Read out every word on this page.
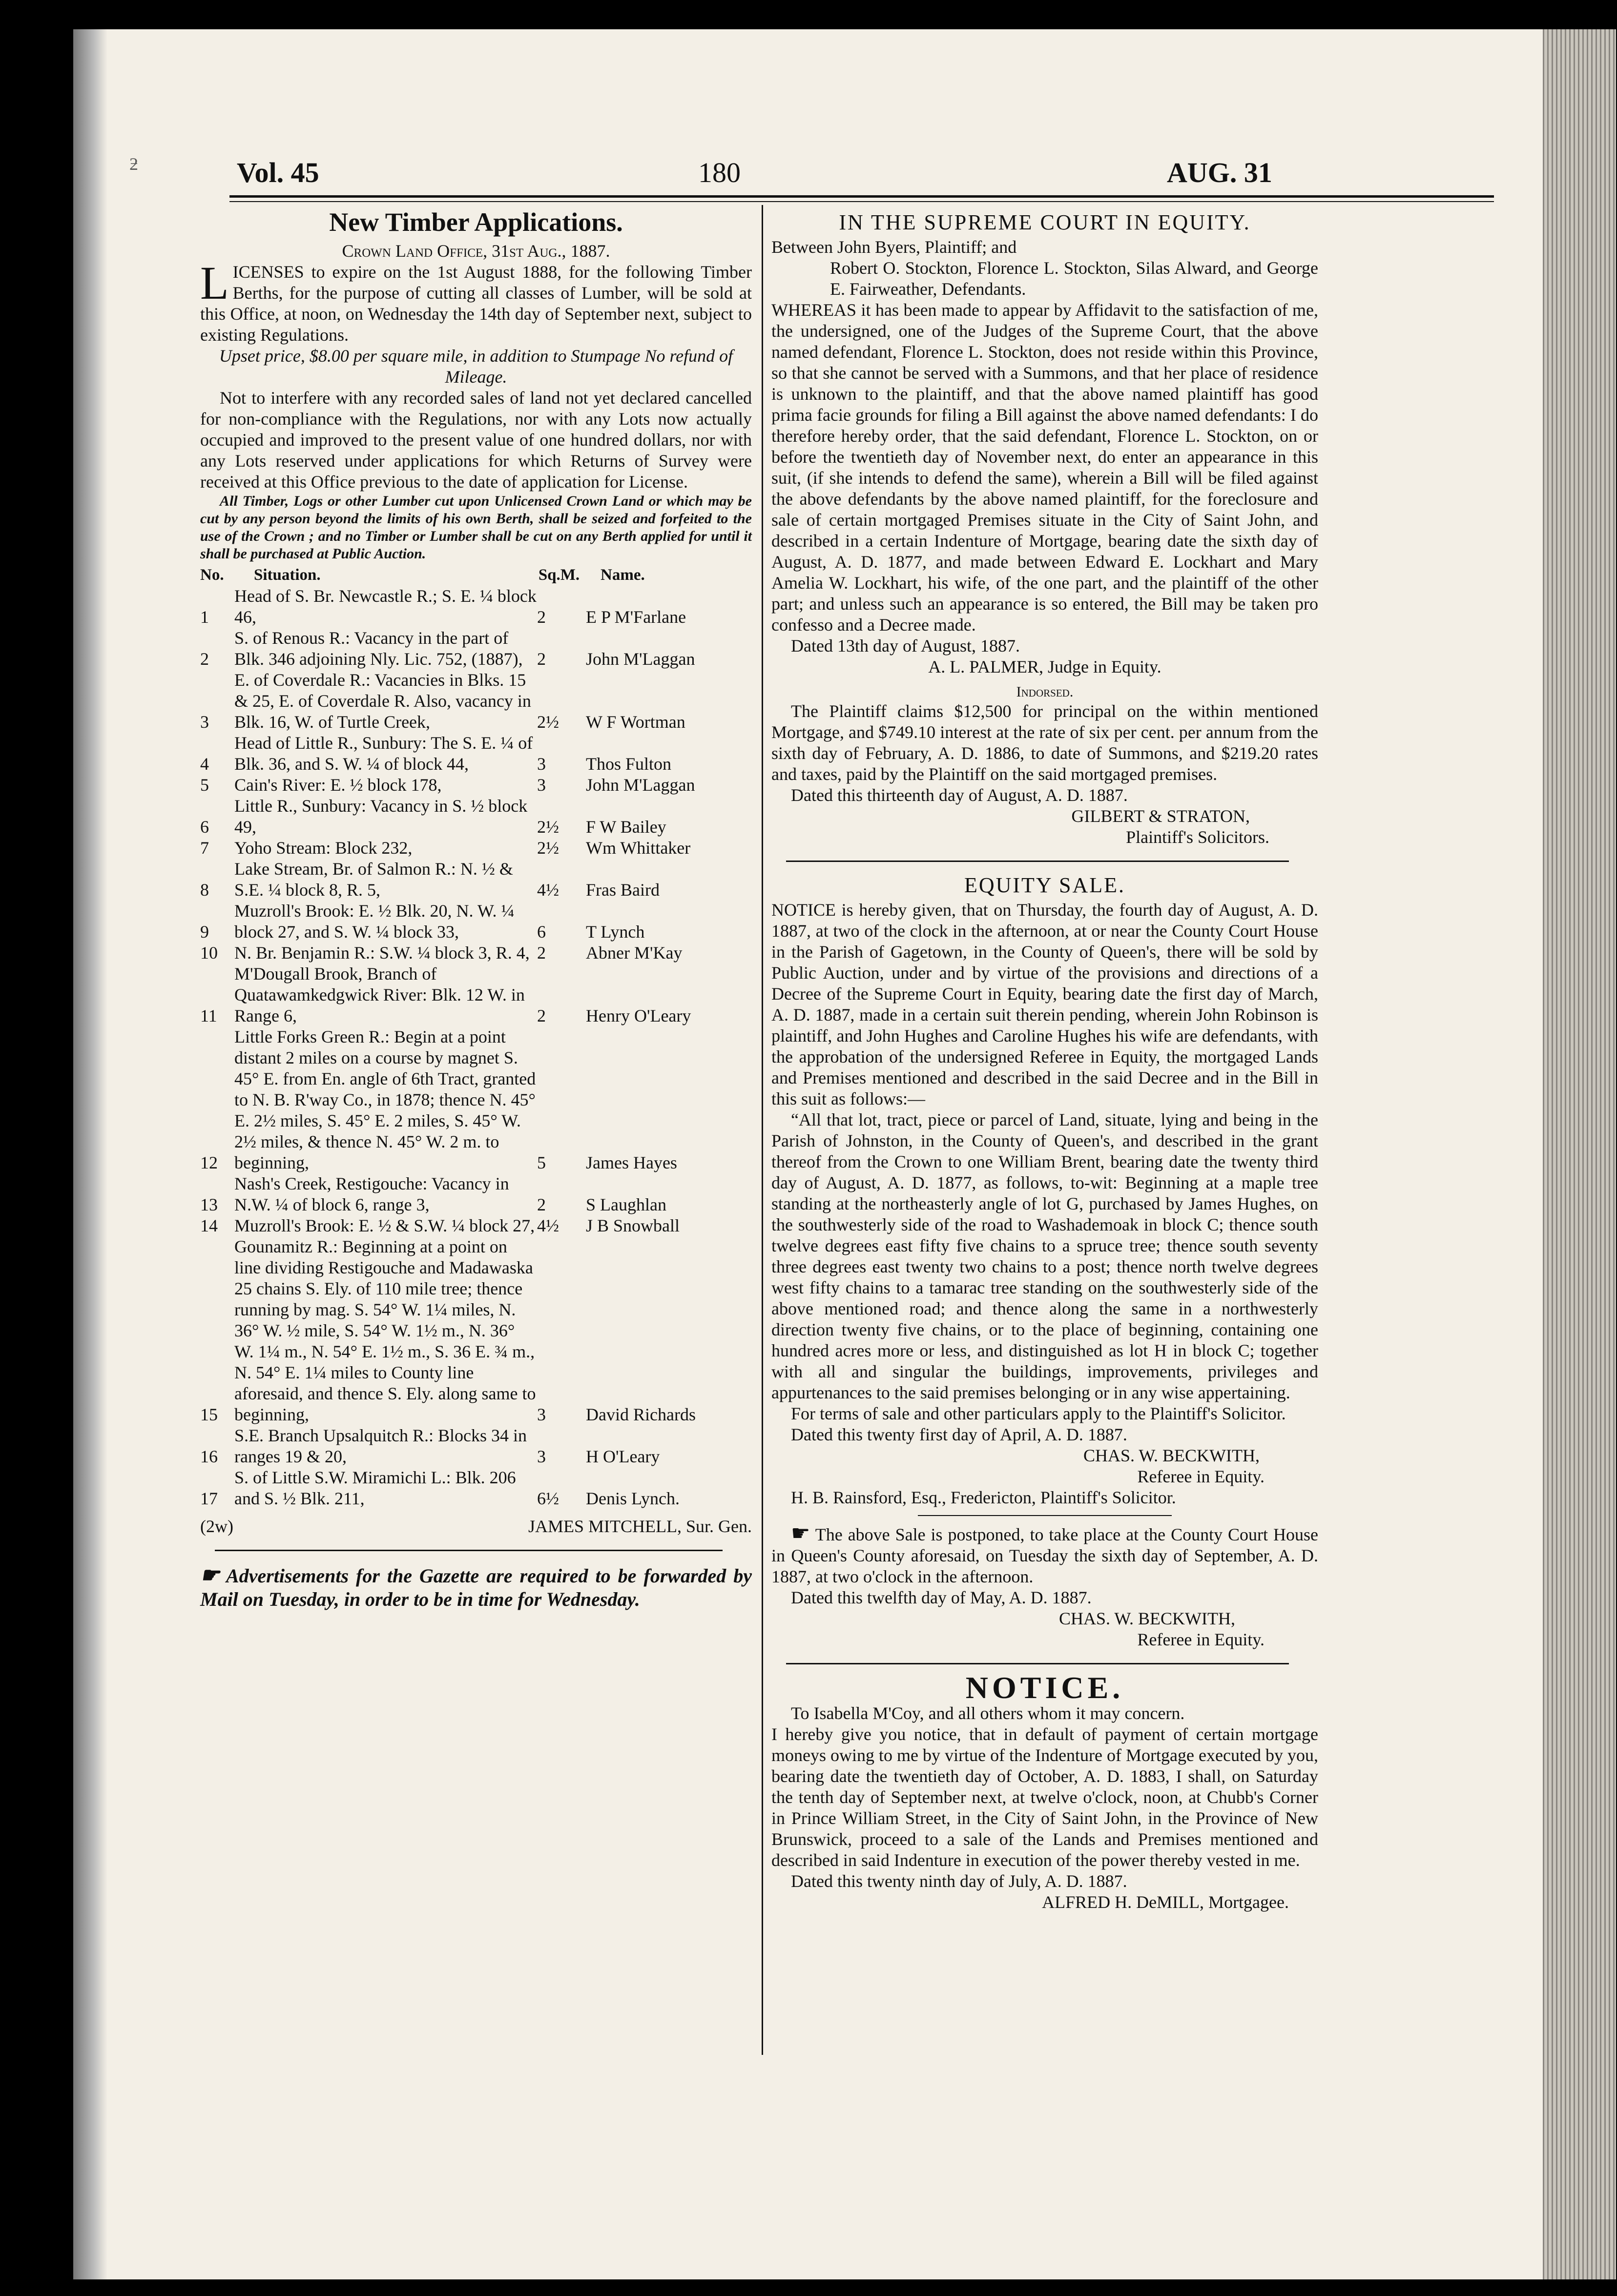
ƻ	Vol. 45	180	AUG. 31
New Timber Applications.

Crown Land Office, 31st Aug., 1887.

LICENSES to expire on the 1st August 1888, for the following Timber Berths, for the purpose of cutting all classes of Lumber, will be sold at this Office, at noon, on Wednesday the 14th day of September next, subject to existing Regulations.

Upset price, $8.00 per square mile, in addition to Stumpage No refund of Mileage.

Not to interfere with any recorded sales of land not yet declared cancelled for non-compliance with the Regulations, nor with any Lots now actually occupied and improved to the present value of one hundred dollars, nor with any Lots reserved under applications for which Returns of Survey were received at this Office previous to the date of application for License.

All Timber, Logs or other Lumber cut upon Unlicensed Crown Land or which may be cut by any person beyond the limits of his own Berth, shall be seized and forfeited to the use of the Crown ; and no Timber or Lumber shall be cut on any Berth applied for until it shall be purchased at Public Auction.

No.	Situation.	Sq.M.	Name.
1	Head of S. Br. Newcastle R.; S. E. ¼ block 46,	2	E P M'Farlane
2	S. of Renous R.: Vacancy in the part of Blk. 346 adjoining Nly. Lic. 752, (1887),	2	John M'Laggan
3	E. of Coverdale R.: Vacancies in Blks. 15 & 25, E. of Coverdale R. Also, vacancy in Blk. 16, W. of Turtle Creek,	2½	W F Wortman
4	Head of Little R., Sunbury: The S. E. ¼ of Blk. 36, and S. W. ¼ of block 44,	3	Thos Fulton
5	Cain's River: E. ½ block 178,	3	John M'Laggan
6	Little R., Sunbury: Vacancy in S. ½ block 49,	2½	F W Bailey
7	Yoho Stream: Block 232,	2½	Wm Whittaker
8	Lake Stream, Br. of Salmon R.: N. ½ & S.E. ¼ block 8, R. 5,	4½	Fras Baird
9	Muzroll's Brook: E. ½ Blk. 20, N. W. ¼ block 27, and S. W. ¼ block 33,	6	T Lynch
10	N. Br. Benjamin R.: S.W. ¼ block 3, R. 4,	2	Abner M'Kay
11	M'Dougall Brook, Branch of Quatawamkedgwick River: Blk. 12 W. in Range 6,	2	Henry O'Leary
12	Little Forks Green R.: Begin at a point distant 2 miles on a course by magnet S. 45° E. from En. angle of 6th Tract, granted to N. B. R'way Co., in 1878; thence N. 45° E. 2½ miles, S. 45° E. 2 miles, S. 45° W. 2½ miles, & thence N. 45° W. 2 m. to beginning,	5	James Hayes
13	Nash's Creek, Restigouche: Vacancy in N.W. ¼ of block 6, range 3,	2	S Laughlan
14	Muzroll's Brook: E. ½ & S.W. ¼ block 27,	4½	J B Snowball
15	Gounamitz R.: Beginning at a point on line dividing Restigouche and Madawaska 25 chains S. Ely. of 110 mile tree; thence running by mag. S. 54° W. 1¼ miles, N. 36° W. ½ mile, S. 54° W. 1½ m., N. 36° W. 1¼ m., N. 54° E. 1½ m., S. 36 E. ¾ m., N. 54° E. 1¼ miles to County line aforesaid, and thence S. Ely. along same to beginning,	3	David Richards
16	S.E. Branch Upsalquitch R.: Blocks 34 in ranges 19 & 20,	3	H O'Leary
17	S. of Little S.W. Miramichi L.: Blk. 206 and S. ½ Blk. 211,	6½	Denis Lynch.
(2w)	JAMES MITCHELL, Sur. Gen.

☛ Advertisements for the Gazette are required to be forwarded by Mail on Tuesday, in order to be in time for Wednesday.

IN THE SUPREME COURT IN EQUITY.

Between John Byers, Plaintiff; and

Robert O. Stockton, Florence L. Stockton, Silas Alward, and George E. Fairweather, Defendants.

WHEREAS it has been made to appear by Affidavit to the satisfaction of me, the undersigned, one of the Judges of the Supreme Court, that the above named defendant, Florence L. Stockton, does not reside within this Province, so that she cannot be served with a Summons, and that her place of residence is unknown to the plaintiff, and that the above named plaintiff has good prima facie grounds for filing a Bill against the above named defendants: I do therefore hereby order, that the said defendant, Florence L. Stockton, on or before the twentieth day of November next, do enter an appearance in this suit, (if she intends to defend the same), wherein a Bill will be filed against the above defendants by the above named plaintiff, for the foreclosure and sale of certain mortgaged Premises situate in the City of Saint John, and described in a certain Indenture of Mortgage, bearing date the sixth day of August, A. D. 1877, and made between Edward E. Lockhart and Mary Amelia W. Lockhart, his wife, of the one part, and the plaintiff of the other part; and unless such an appearance is so entered, the Bill may be taken pro confesso and a Decree made.

Dated 13th day of August, 1887.

A. L. PALMER, Judge in Equity.

Indorsed.

The Plaintiff claims $12,500 for principal on the within mentioned Mortgage, and $749.10 interest at the rate of six per cent. per annum from the sixth day of February, A. D. 1886, to date of Summons, and $219.20 rates and taxes, paid by the Plaintiff on the said mortgaged premises.

Dated this thirteenth day of August, A. D. 1887.

GILBERT & STRATON,

Plaintiff's Solicitors.

EQUITY SALE.

NOTICE is hereby given, that on Thursday, the fourth day of August, A. D. 1887, at two of the clock in the afternoon, at or near the County Court House in the Parish of Gagetown, in the County of Queen's, there will be sold by Public Auction, under and by virtue of the provisions and directions of a Decree of the Supreme Court in Equity, bearing date the first day of March, A. D. 1887, made in a certain suit therein pending, wherein John Robinson is plaintiff, and John Hughes and Caroline Hughes his wife are defendants, with the approbation of the undersigned Referee in Equity, the mortgaged Lands and Premises mentioned and described in the said Decree and in the Bill in this suit as follows:—

“All that lot, tract, piece or parcel of Land, situate, lying and being in the Parish of Johnston, in the County of Queen's, and described in the grant thereof from the Crown to one William Brent, bearing date the twenty third day of August, A. D. 1877, as follows, to-wit: Beginning at a maple tree standing at the northeasterly angle of lot G, purchased by James Hughes, on the southwesterly side of the road to Washademoak in block C; thence south twelve degrees east fifty five chains to a spruce tree; thence south seventy three degrees east twenty two chains to a post; thence north twelve degrees west fifty chains to a tamarac tree standing on the southwesterly side of the above mentioned road; and thence along the same in a northwesterly direction twenty five chains, or to the place of beginning, containing one hundred acres more or less, and distinguished as lot H in block C; together with all and singular the buildings, improvements, privileges and appurtenances to the said premises belonging or in any wise appertaining.

For terms of sale and other particulars apply to the Plaintiff's Solicitor.

Dated this twenty first day of April, A. D. 1887.

CHAS. W. BECKWITH,

Referee in Equity.

H. B. Rainsford, Esq., Fredericton, Plaintiff's Solicitor.

☛ The above Sale is postponed, to take place at the County Court House in Queen's County aforesaid, on Tuesday the sixth day of September, A. D. 1887, at two o'clock in the afternoon.

Dated this twelfth day of May, A. D. 1887.

CHAS. W. BECKWITH,

Referee in Equity.

NOTICE.

To Isabella M'Coy, and all others whom it may concern.

I hereby give you notice, that in default of payment of certain mortgage moneys owing to me by virtue of the Indenture of Mortgage executed by you, bearing date the twentieth day of October, A. D. 1883, I shall, on Saturday the tenth day of September next, at twelve o'clock, noon, at Chubb's Corner in Prince William Street, in the City of Saint John, in the Province of New Brunswick, proceed to a sale of the Lands and Premises mentioned and described in said Indenture in execution of the power thereby vested in me.

Dated this twenty ninth day of July, A. D. 1887.

ALFRED H. DeMILL, Mortgagee.
